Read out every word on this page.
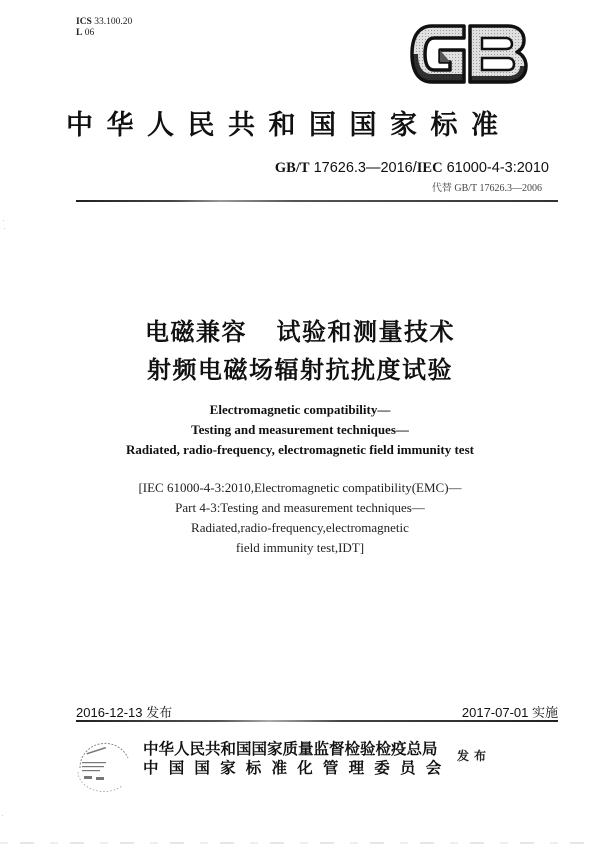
ICS 33.100.20
L 06
中华人民共和国国家标准
GB/T 17626.3—2016/IEC 61000-4-3:2010
代替 GB/T 17626.3—2006
电磁兼容   试验和测量技术
射频电磁场辐射抗扰度试验
Electromagnetic compatibility—
Testing and measurement techniques—
Radiated, radio-frequency, electromagnetic field immunity test
[IEC 61000-4-3:2010,Electromagnetic compatibility(EMC)—
Part 4-3:Testing and measurement techniques—
Radiated,radio-frequency,electromagnetic
field immunity test,IDT]
2016-12-13 发布	2017-07-01 实施
中华人民共和国国家质量监督检验检疫总局
中国国家标准化管理委员会
发布
